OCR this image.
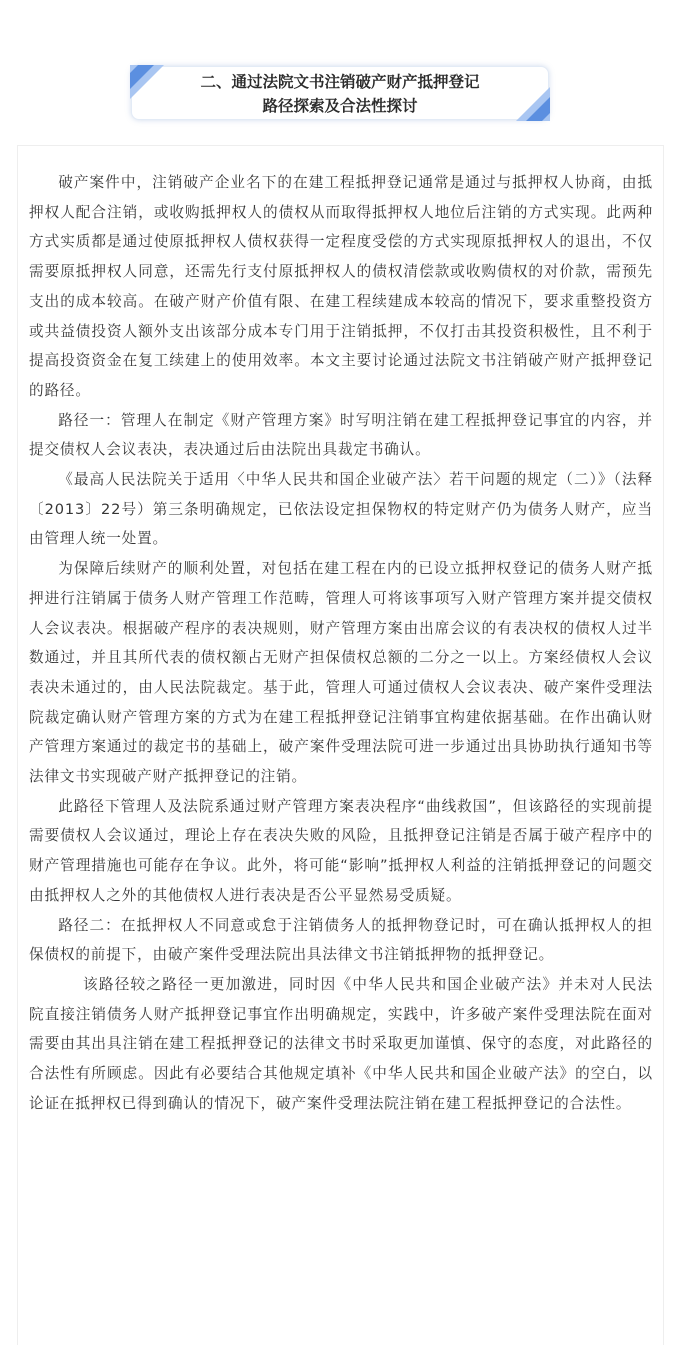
二、通过法院文书注销破产财产抵押登记
路径探索及合法性探讨

破产案件中，注销破产企业名下的在建工程抵押登记通常是通过与抵押权人协商，由抵押权人配合注销，或收购抵押权人的债权从而取得抵押权人地位后注销的方式实现。此两种方式实质都是通过使原抵押权人债权获得一定程度受偿的方式实现原抵押权人的退出，不仅需要原抵押权人同意，还需先行支付原抵押权人的债权清偿款或收购债权的对价款，需预先支出的成本较高。在破产财产价值有限、在建工程续建成本较高的情况下，要求重整投资方或共益债投资人额外支出该部分成本专门用于注销抵押，不仅打击其投资积极性，且不利于提高投资资金在复工续建上的使用效率。本文主要讨论通过法院文书注销破产财产抵押登记的路径。

路径一：管理人在制定《财产管理方案》时写明注销在建工程抵押登记事宜的内容，并提交债权人会议表决，表决通过后由法院出具裁定书确认。

《最高人民法院关于适用〈中华人民共和国企业破产法〉若干问题的规定（二）》（法释〔2013〕22号）第三条明确规定，已依法设定担保物权的特定财产仍为债务人财产，应当由管理人统一处置。

为保障后续财产的顺利处置，对包括在建工程在内的已设立抵押权登记的债务人财产抵押进行注销属于债务人财产管理工作范畴，管理人可将该事项写入财产管理方案并提交债权人会议表决。根据破产程序的表决规则，财产管理方案由出席会议的有表决权的债权人过半数通过，并且其所代表的债权额占无财产担保债权总额的二分之一以上。方案经债权人会议表决未通过的，由人民法院裁定。基于此，管理人可通过债权人会议表决、破产案件受理法院裁定确认财产管理方案的方式为在建工程抵押登记注销事宜构建依据基础。在作出确认财产管理方案通过的裁定书的基础上，破产案件受理法院可进一步通过出具协助执行通知书等法律文书实现破产财产抵押登记的注销。

此路径下管理人及法院系通过财产管理方案表决程序“曲线救国”，但该路径的实现前提需要债权人会议通过，理论上存在表决失败的风险，且抵押登记注销是否属于破产程序中的财产管理措施也可能存在争议。此外，将可能“影响”抵押权人利益的注销抵押登记的问题交由抵押权人之外的其他债权人进行表决是否公平显然易受质疑。

路径二：在抵押权人不同意或怠于注销债务人的抵押物登记时，可在确认抵押权人的担保债权的前提下，由破产案件受理法院出具法律文书注销抵押物的抵押登记。

该路径较之路径一更加激进，同时因《中华人民共和国企业破产法》并未对人民法院直接注销债务人财产抵押登记事宜作出明确规定，实践中，许多破产案件受理法院在面对需要由其出具注销在建工程抵押登记的法律文书时采取更加谨慎、保守的态度，对此路径的合法性有所顾虑。因此有必要结合其他规定填补《中华人民共和国企业破产法》的空白，以论证在抵押权已得到确认的情况下，破产案件受理法院注销在建工程抵押登记的合法性。
